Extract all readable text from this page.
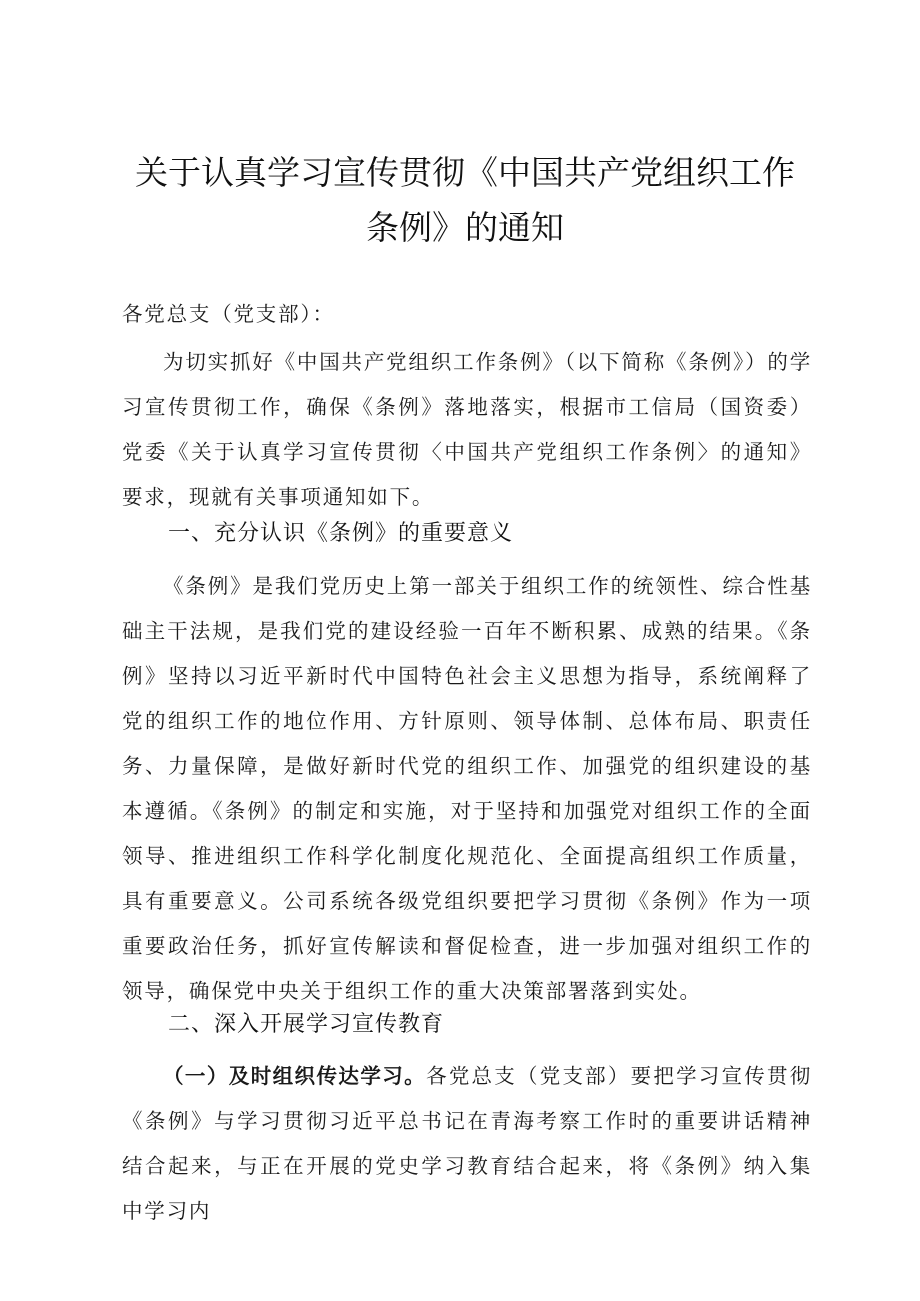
关于认真学习宣传贯彻《中国共产党组织工作
条例》的通知
各党总支（党支部）：

为切实抓好《中国共产党组织工作条例》（以下简称《条例》）的学习宣传贯彻工作，确保《条例》落地落实，根据市工信局（国资委）党委《关于认真学习宣传贯彻〈中国共产党组织工作条例〉的通知》要求，现就有关事项通知如下。

一、充分认识《条例》的重要意义

《条例》是我们党历史上第一部关于组织工作的统领性、综合性基础主干法规，是我们党的建设经验一百年不断积累、成熟的结果。《条例》坚持以习近平新时代中国特色社会主义思想为指导，系统阐释了党的组织工作的地位作用、方针原则、领导体制、总体布局、职责任务、力量保障，是做好新时代党的组织工作、加强党的组织建设的基本遵循。《条例》的制定和实施，对于坚持和加强党对组织工作的全面领导、推进组织工作科学化制度化规范化、全面提高组织工作质量，具有重要意义。公司系统各级党组织要把学习贯彻《条例》作为一项重要政治任务，抓好宣传解读和督促检查，进一步加强对组织工作的领导，确保党中央关于组织工作的重大决策部署落到实处。

二、深入开展学习宣传教育

（一）及时组织传达学习。各党总支（党支部）要把学习宣传贯彻《条例》与学习贯彻习近平总书记在青海考察工作时的重要讲话精神结合起来，与正在开展的党史学习教育结合起来，将《条例》纳入集中学习内
